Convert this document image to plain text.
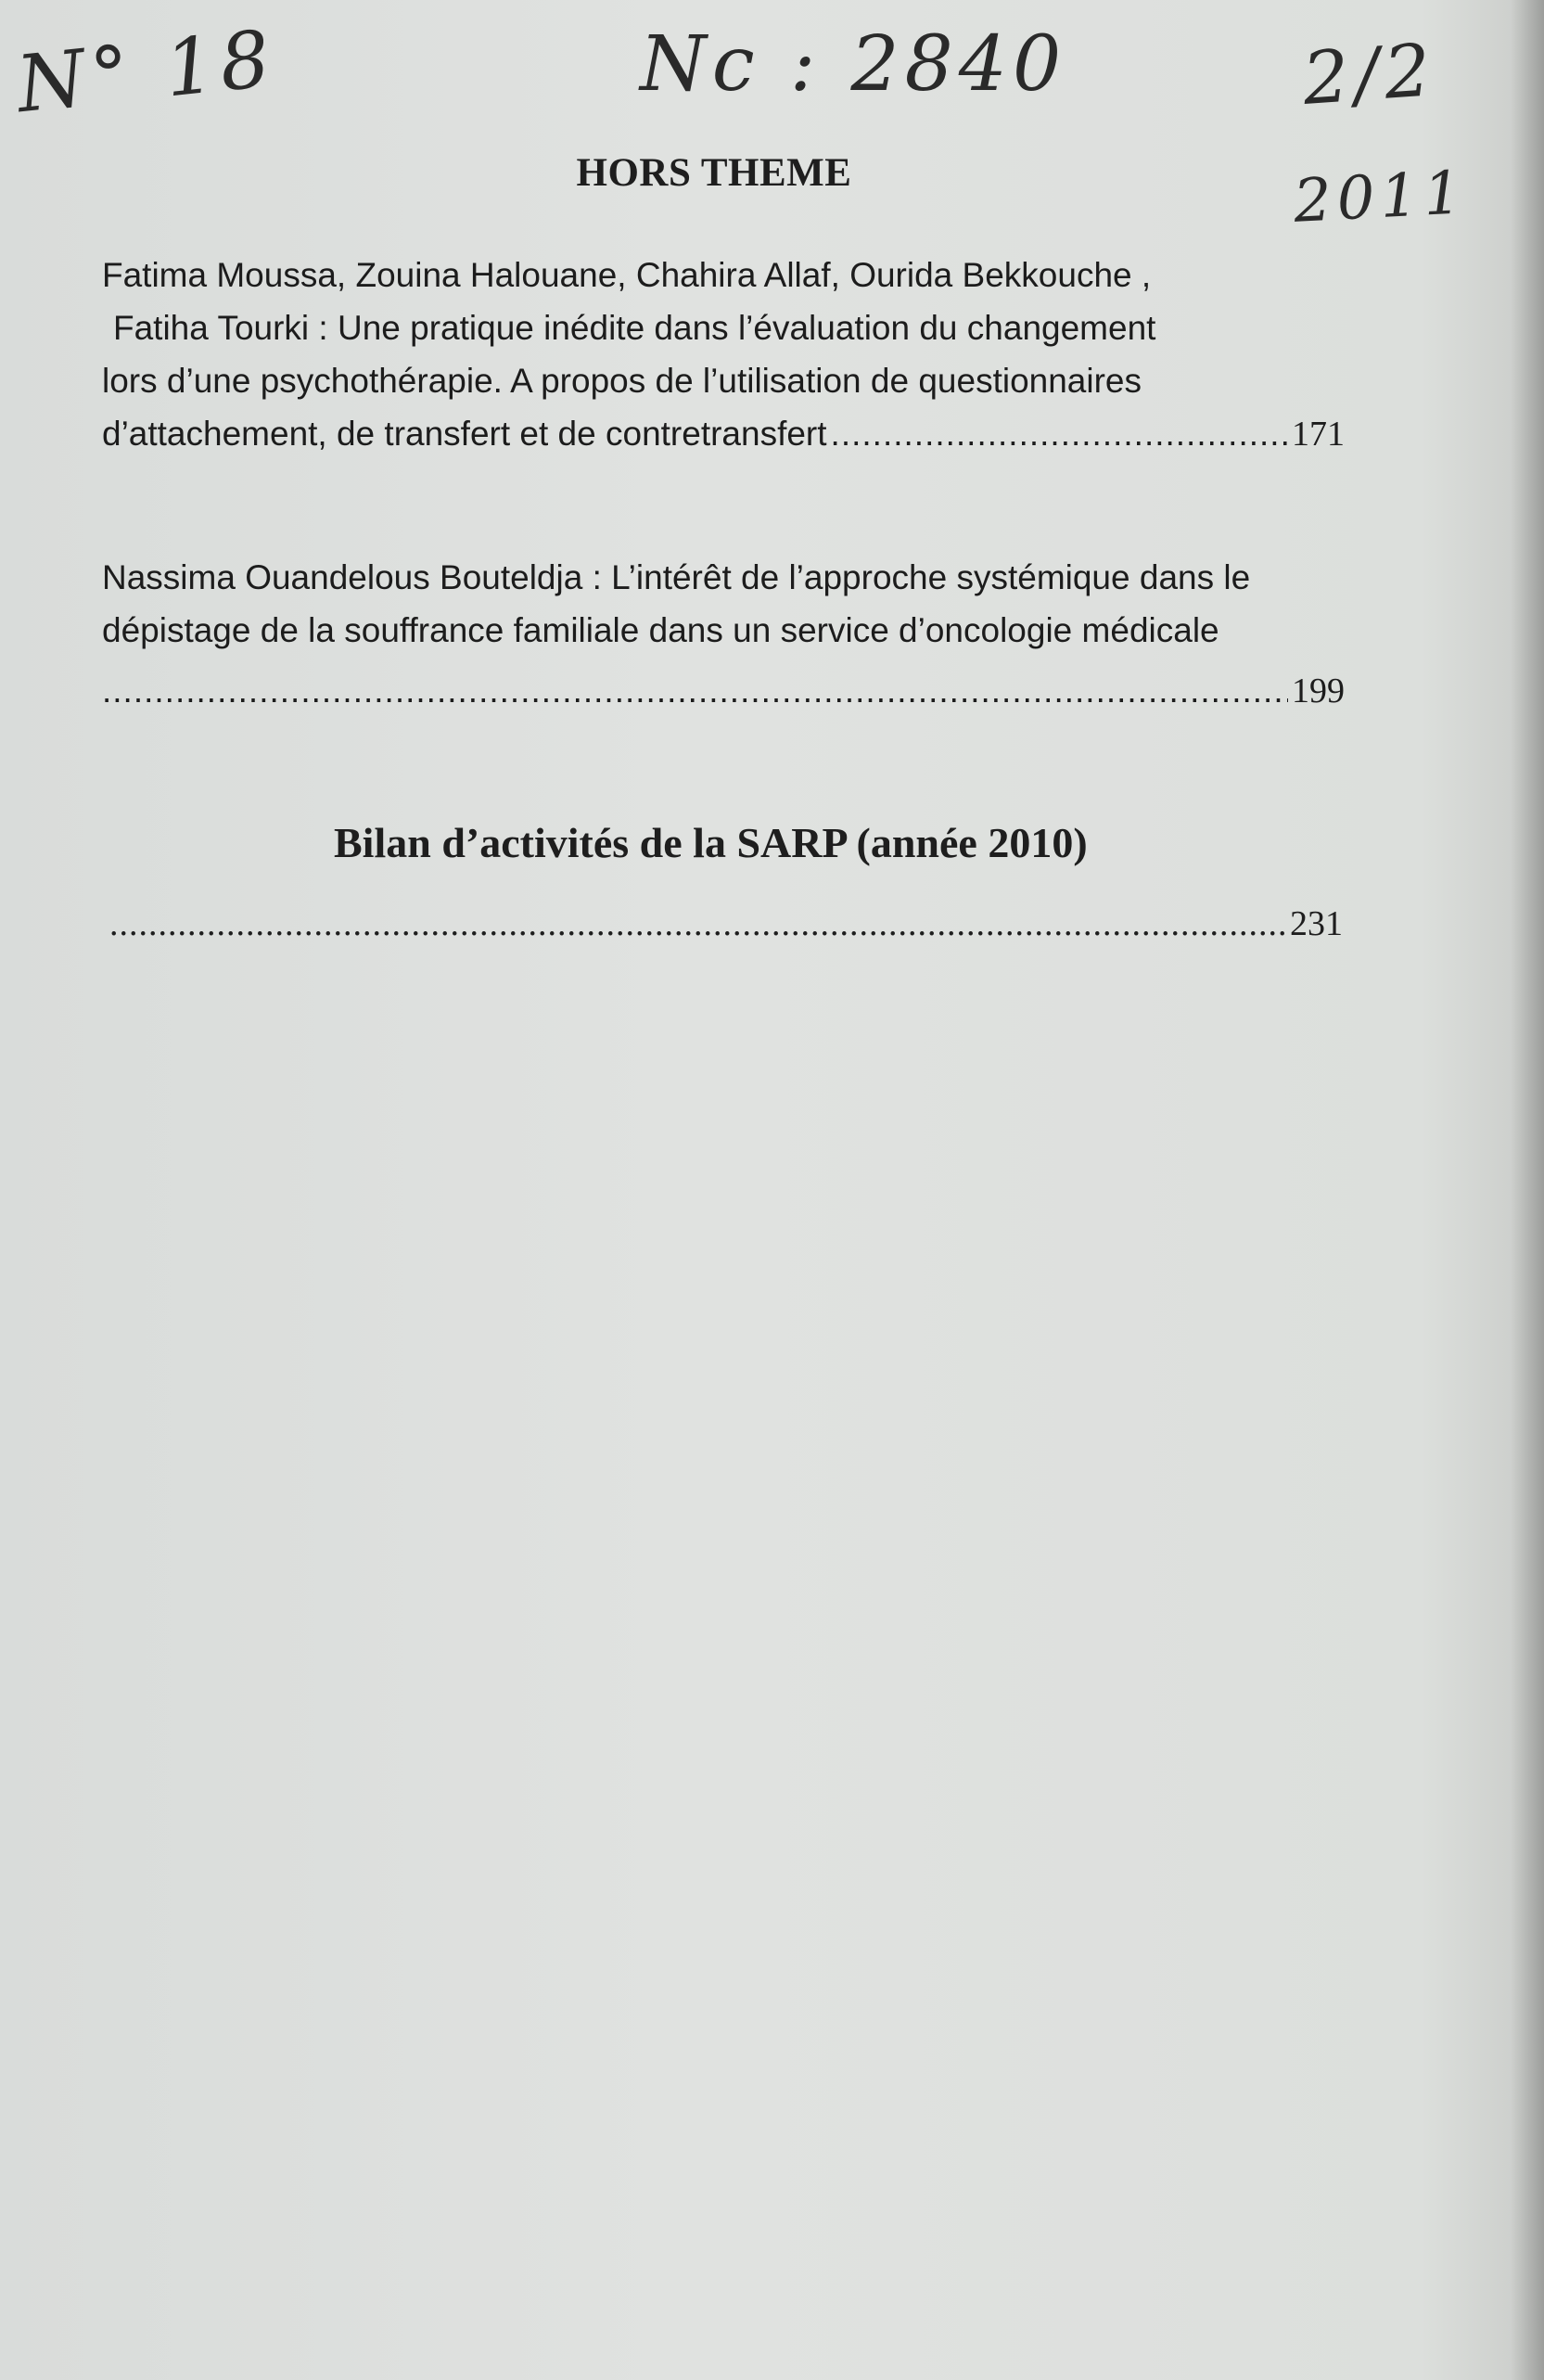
N° 18	Nc : 2840	2/2
2011
HORS THEME
Fatima Moussa, Zouina Halouane, Chahira Allaf, Ourida Bekkouche ,
Fatiha Tourki : Une pratique inédite dans l’évaluation du changement
lors d’une psychothérapie. A propos de l’utilisation de questionnaires
d’attachement, de transfert et de contretransfert
.....	171
Nassima Ouandelous Bouteldja : L’intérêt de l’approche systémique dans le
dépistage de la souffrance familiale dans un service d’oncologie médicale
.....
199
Bilan d’activités de la SARP (année 2010)
.....
231
